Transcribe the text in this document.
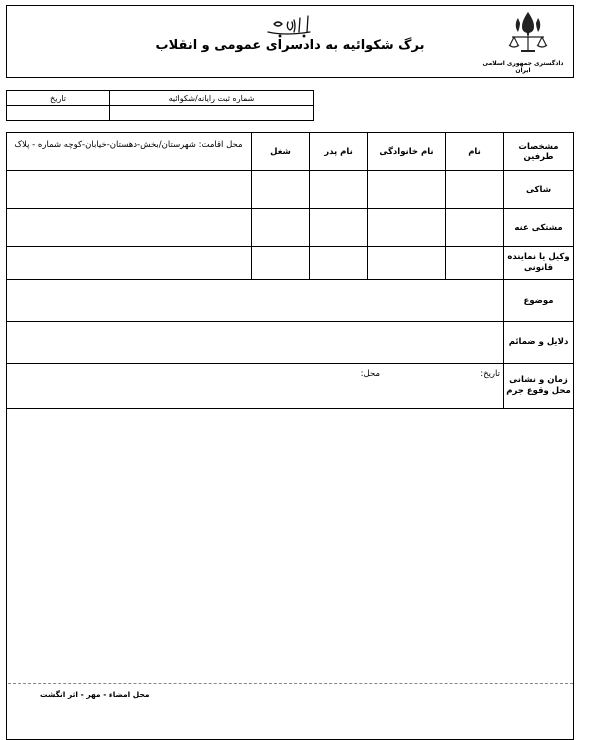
دادگستری جمهوری اسلامی ایران
برگ شکوائیه به دادسرای عمومی و انقلاب
شماره ثبت رایانه/شکوائیه
تاریخ
مشخصات طرفین
نام
نام خانوادگی
نام پدر
شغل
محل اقامت: شهرستان/بخش-دهستان-خیابان-کوچه شماره - پلاک
شاکی
مشتکی عنه
وکیل یا نماینده قانونی
موضوع
دلایل و ضمائم
زمان و نشانی محل وقوع جرم
تاریخ:
محل:
محل امضاء - مهر - اثر انگشت
